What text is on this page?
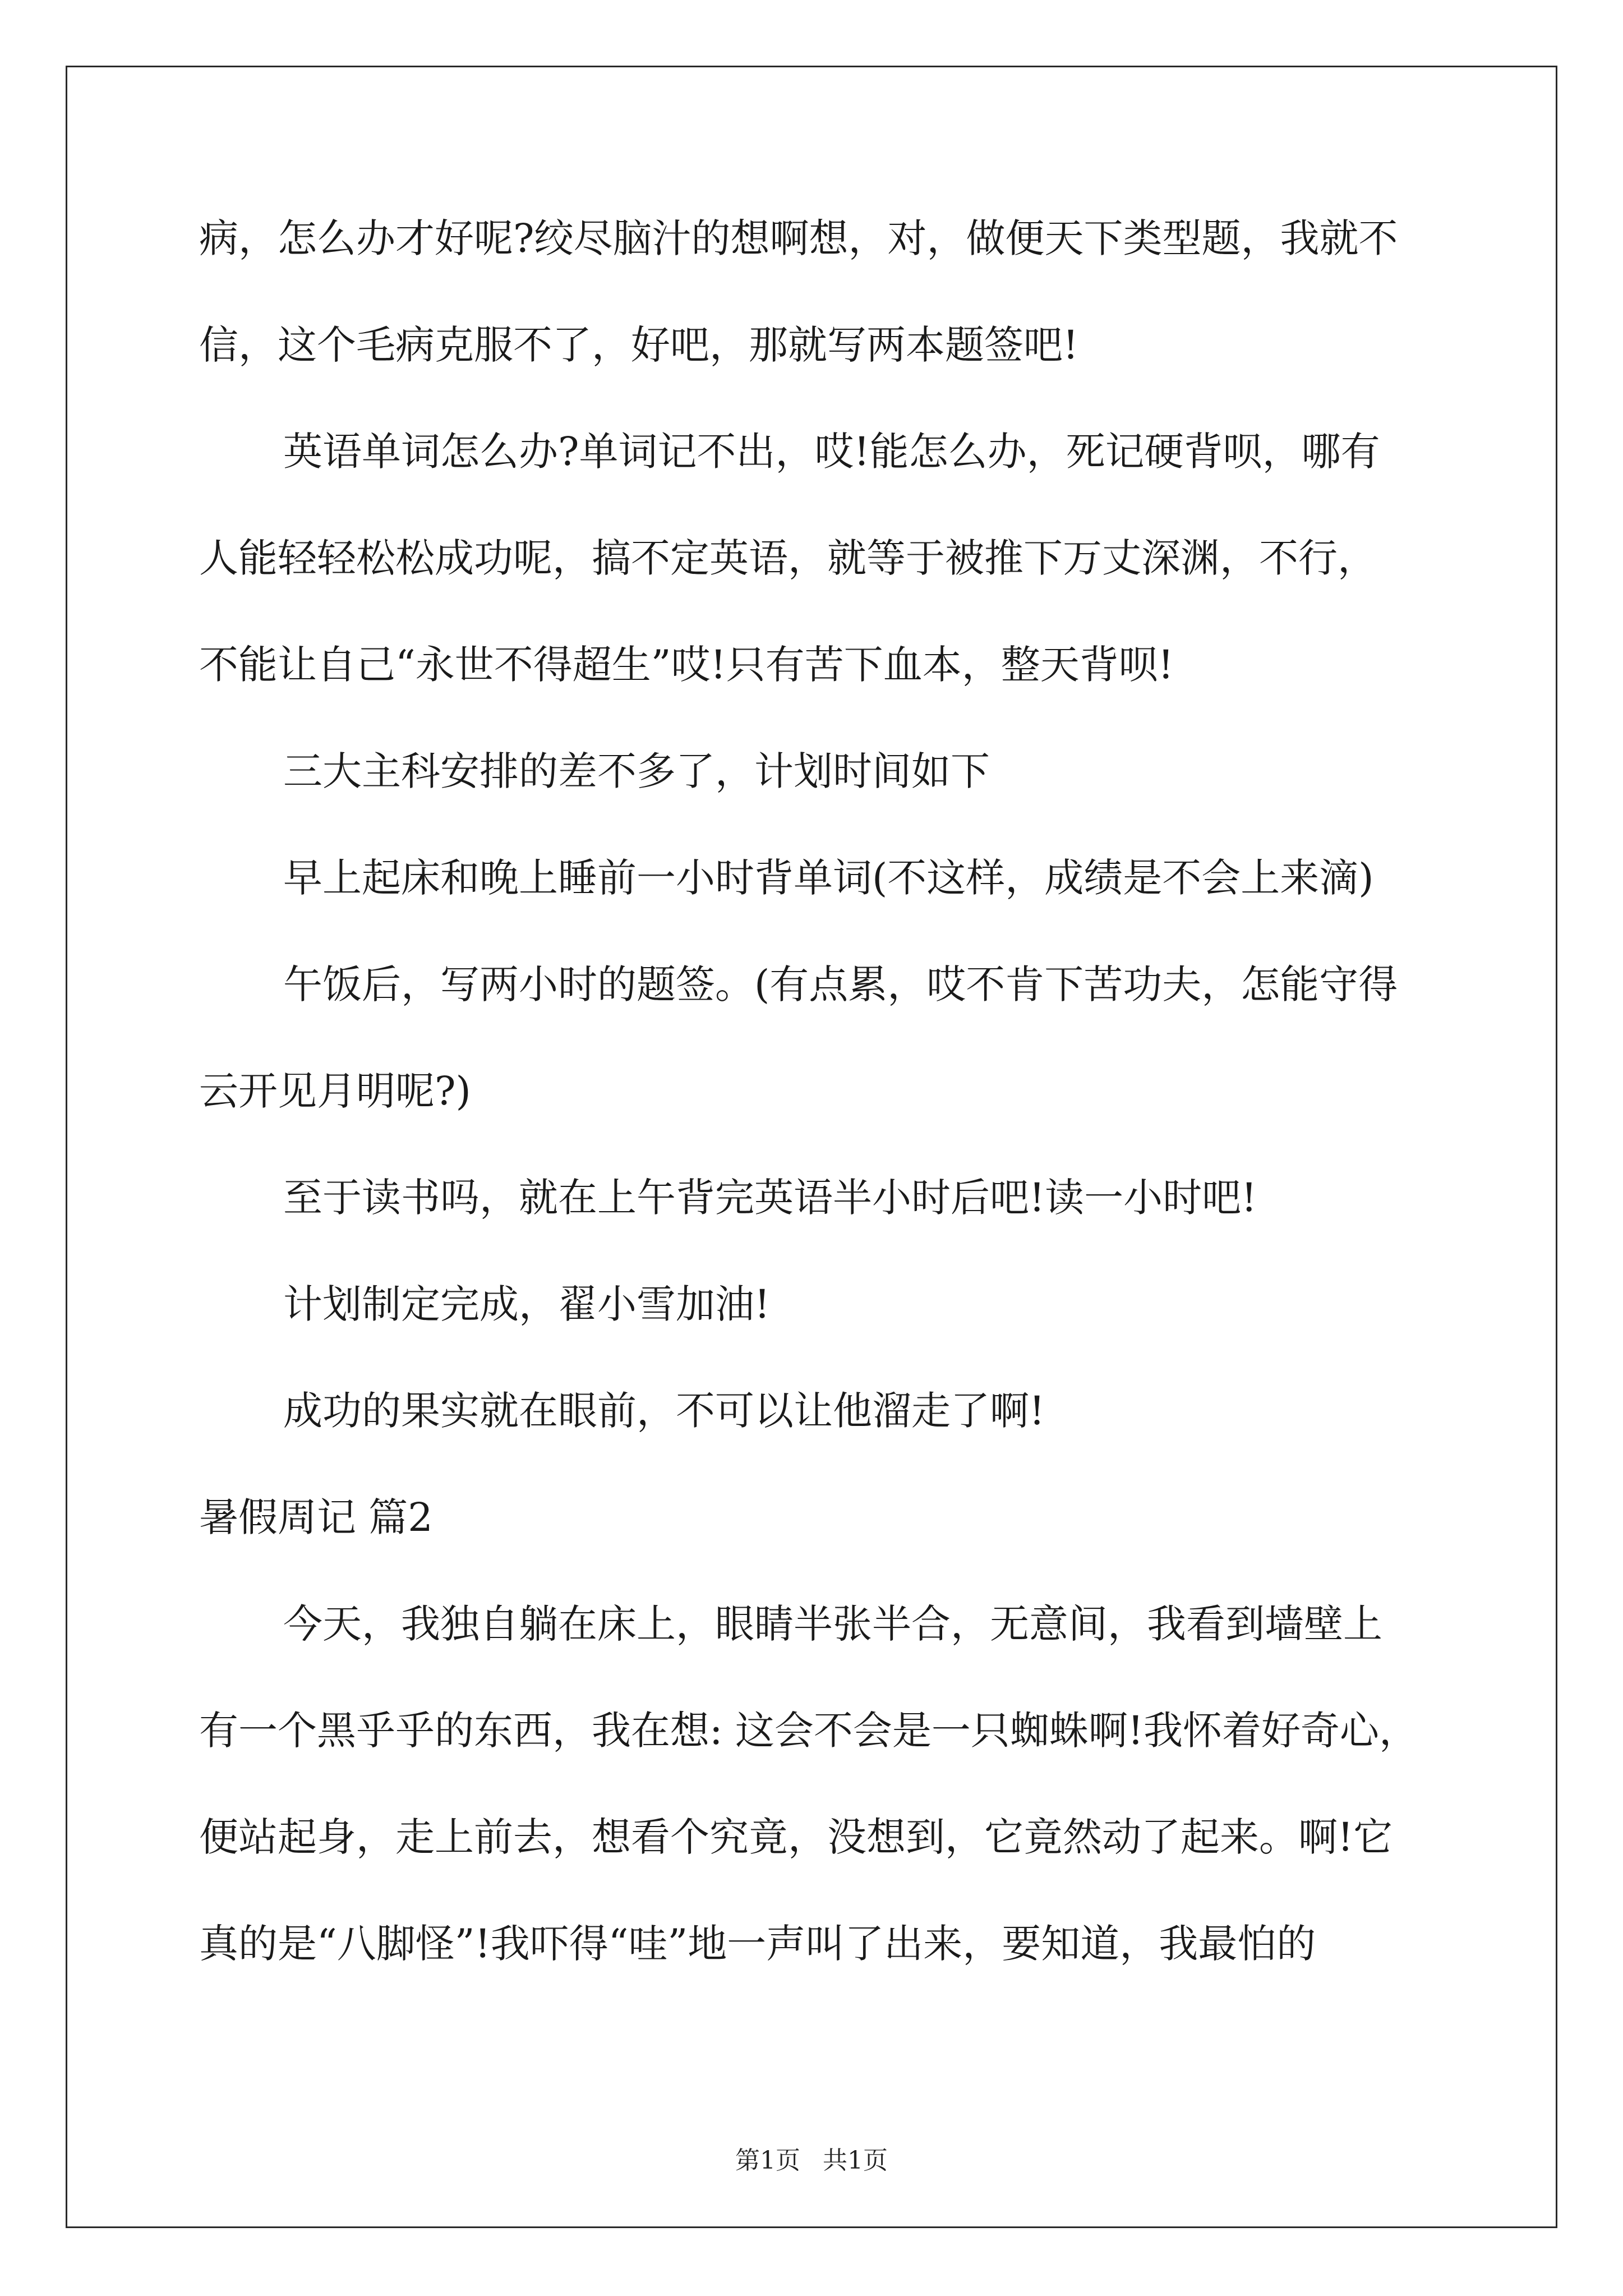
病，怎么办才好呢?绞尽脑汁的想啊想，对，做便天下类型题，我就不
信，这个毛病克服不了，好吧，那就写两本题签吧!
英语单词怎么办?单词记不出，哎!能怎么办，死记硬背呗，哪有
人能轻轻松松成功呢，搞不定英语，就等于被推下万丈深渊，不行，
不能让自己“永世不得超生”哎!只有苦下血本，整天背呗!
三大主科安排的差不多了，计划时间如下
早上起床和晚上睡前一小时背单词(不这样，成绩是不会上来滴)
午饭后，写两小时的题签。(有点累，哎不肯下苦功夫，怎能守得
云开见月明呢?)
至于读书吗，就在上午背完英语半小时后吧!读一小时吧!
计划制定完成，翟小雪加油!
成功的果实就在眼前，不可以让他溜走了啊!
暑假周记 篇2
今天，我独自躺在床上，眼睛半张半合，无意间，我看到墙壁上
有一个黑乎乎的东西，我在想: 这会不会是一只蜘蛛啊!我怀着好奇心，
便站起身，走上前去，想看个究竟，没想到，它竟然动了起来。啊!它
真的是“八脚怪”!我吓得“哇”地一声叫了出来，要知道，我最怕的
第1页 共1页
